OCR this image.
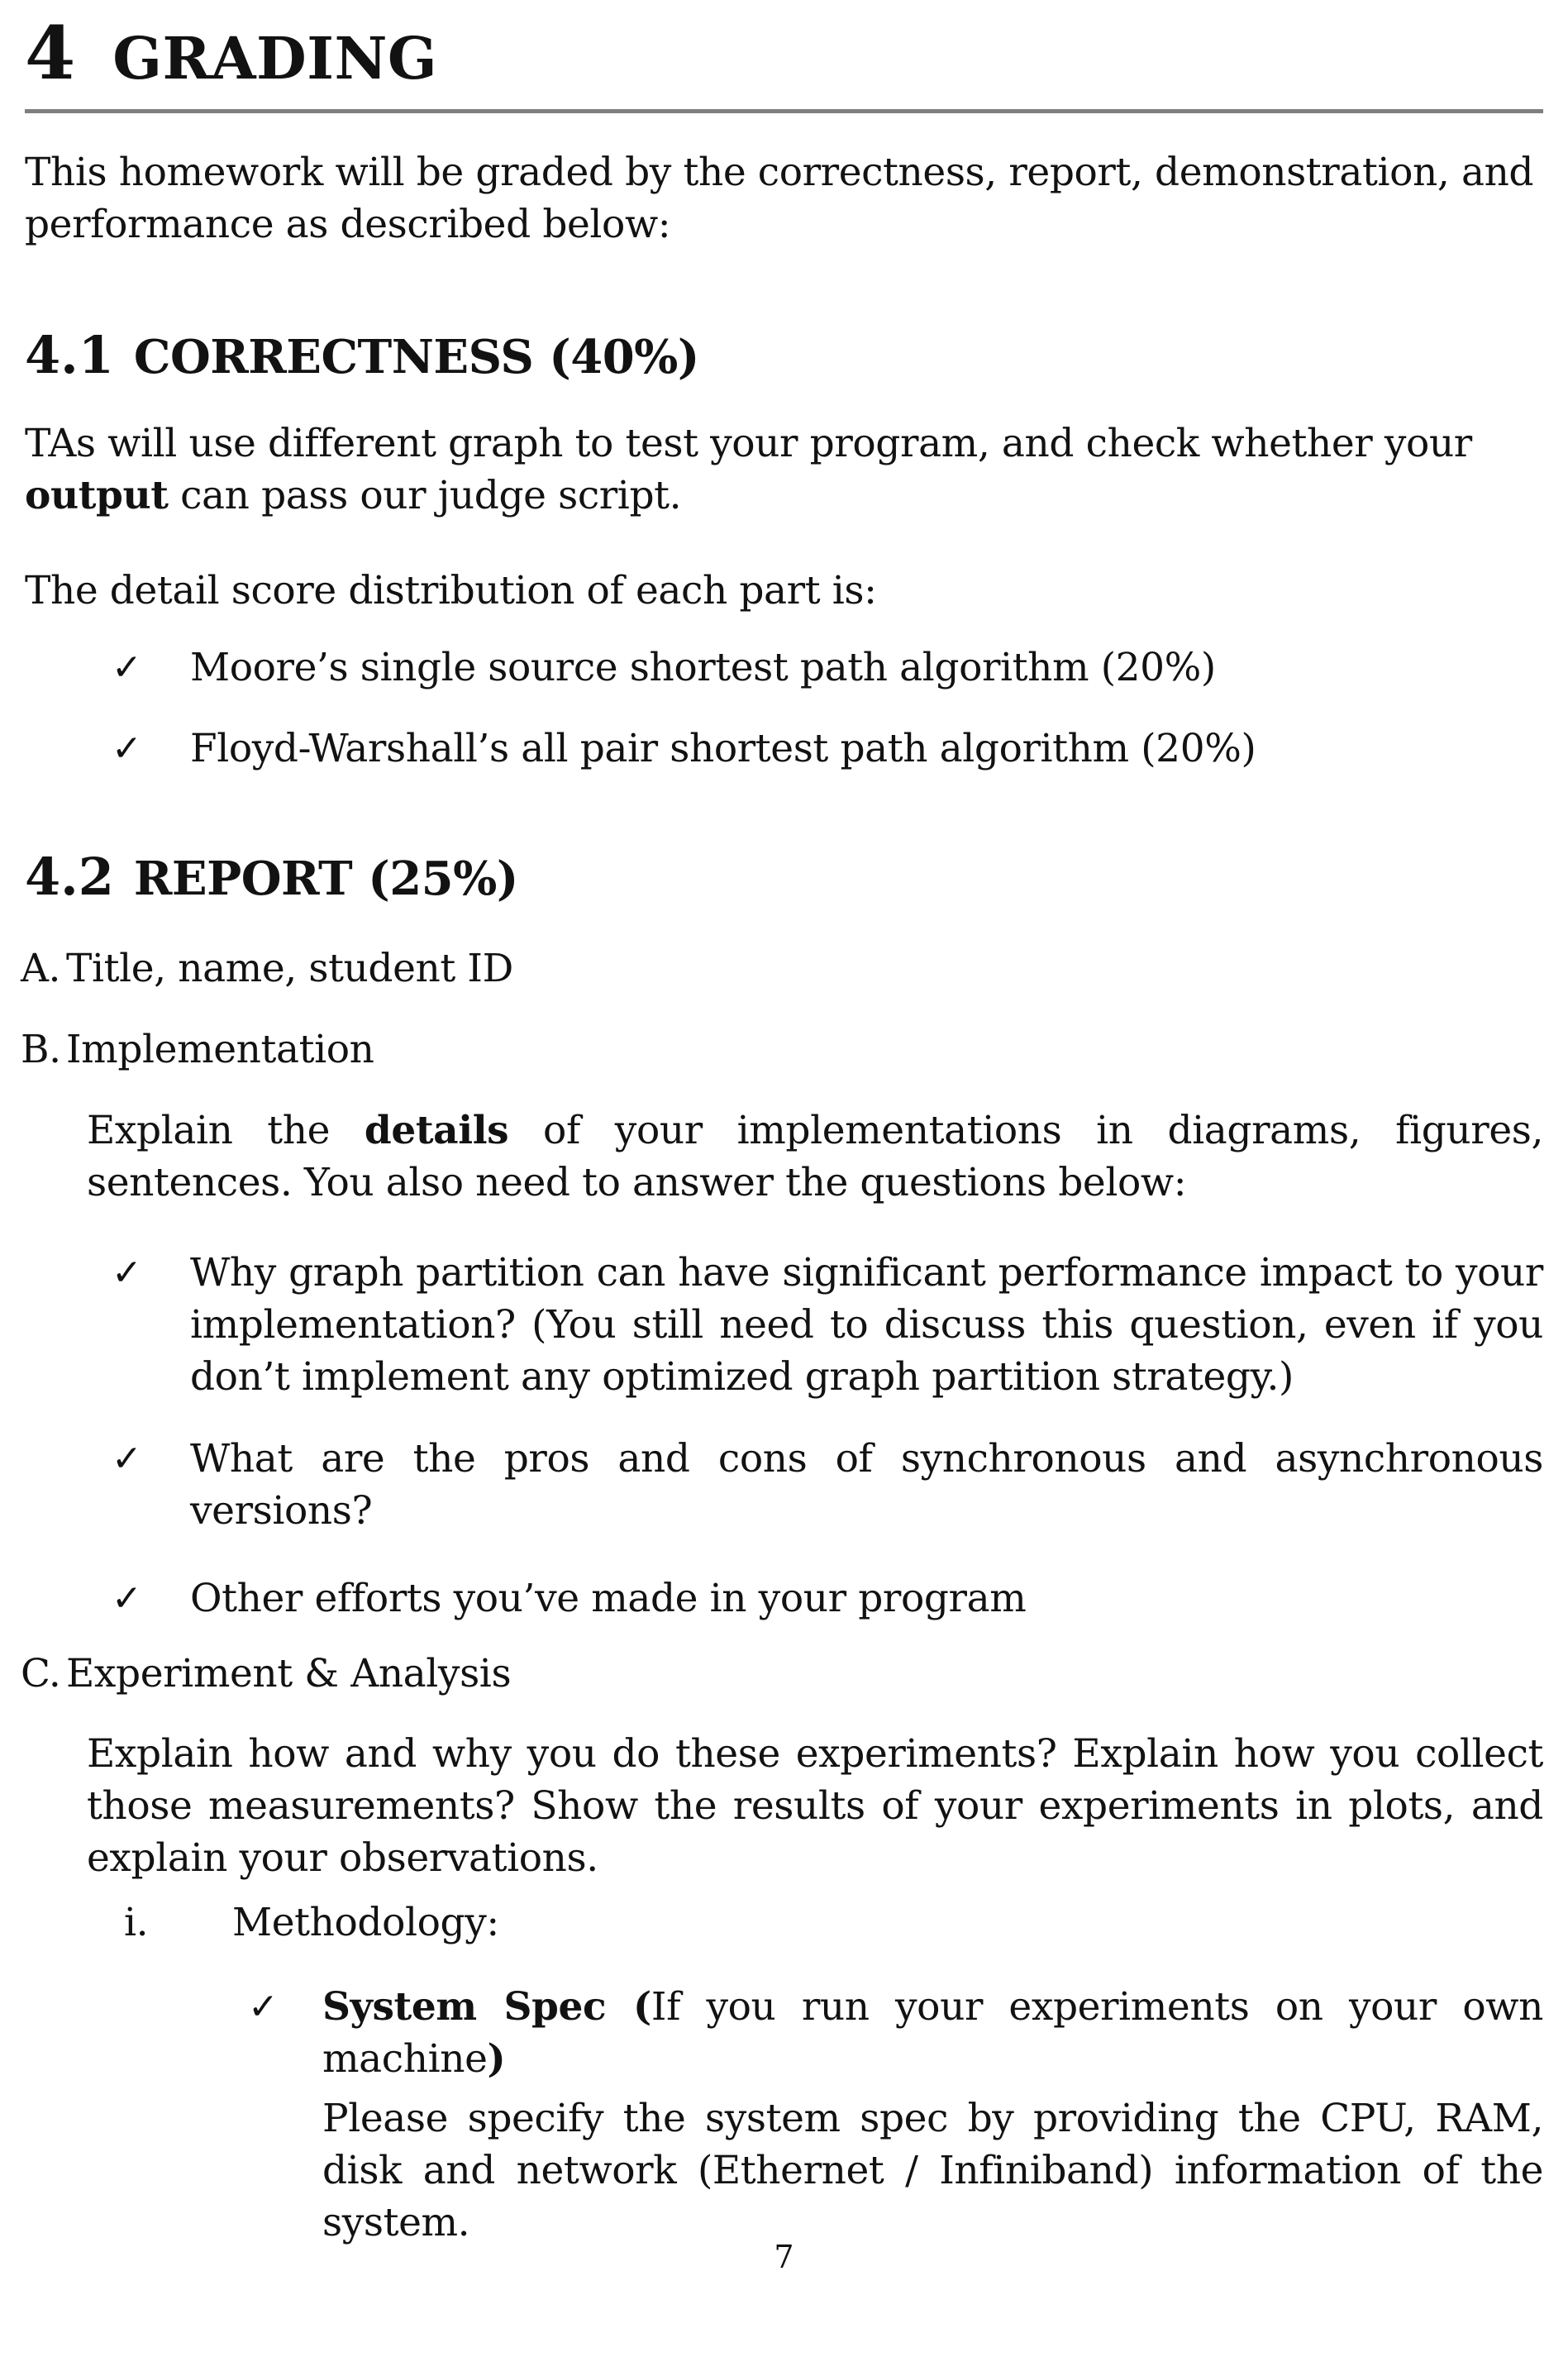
4 GRADING

This homework will be graded by the correctness, report, demonstration, and performance as described below:

4.1 CORRECTNESS (40%)

TAs will use different graph to test your program, and check whether your output can pass our judge script.

The detail score distribution of each part is:

✓ Moore’s single source shortest path algorithm (20%)
✓ Floyd-Warshall’s all pair shortest path algorithm (20%)
4.2 REPORT (25%)
A. Title, name, student ID
B. Implementation

Explain the details of your implementations in diagrams, figures, sentences. You also need to answer the questions below:

✓ Why graph partition can have significant performance impact to your implementation? (You still need to discuss this question, even if you don’t implement any optimized graph partition strategy.)
✓ What are the pros and cons of synchronous and asynchronous versions?
✓ Other efforts you’ve made in your program
C. Experiment & Analysis

Explain how and why you do these experiments? Explain how you collect those measurements? Show the results of your experiments in plots, and explain your observations.

i. Methodology:
✓ System Spec (If you run your experiments on your own machine)
Please specify the system spec by providing the CPU, RAM, disk and network (Ethernet / Infiniband) information of the system.
7
